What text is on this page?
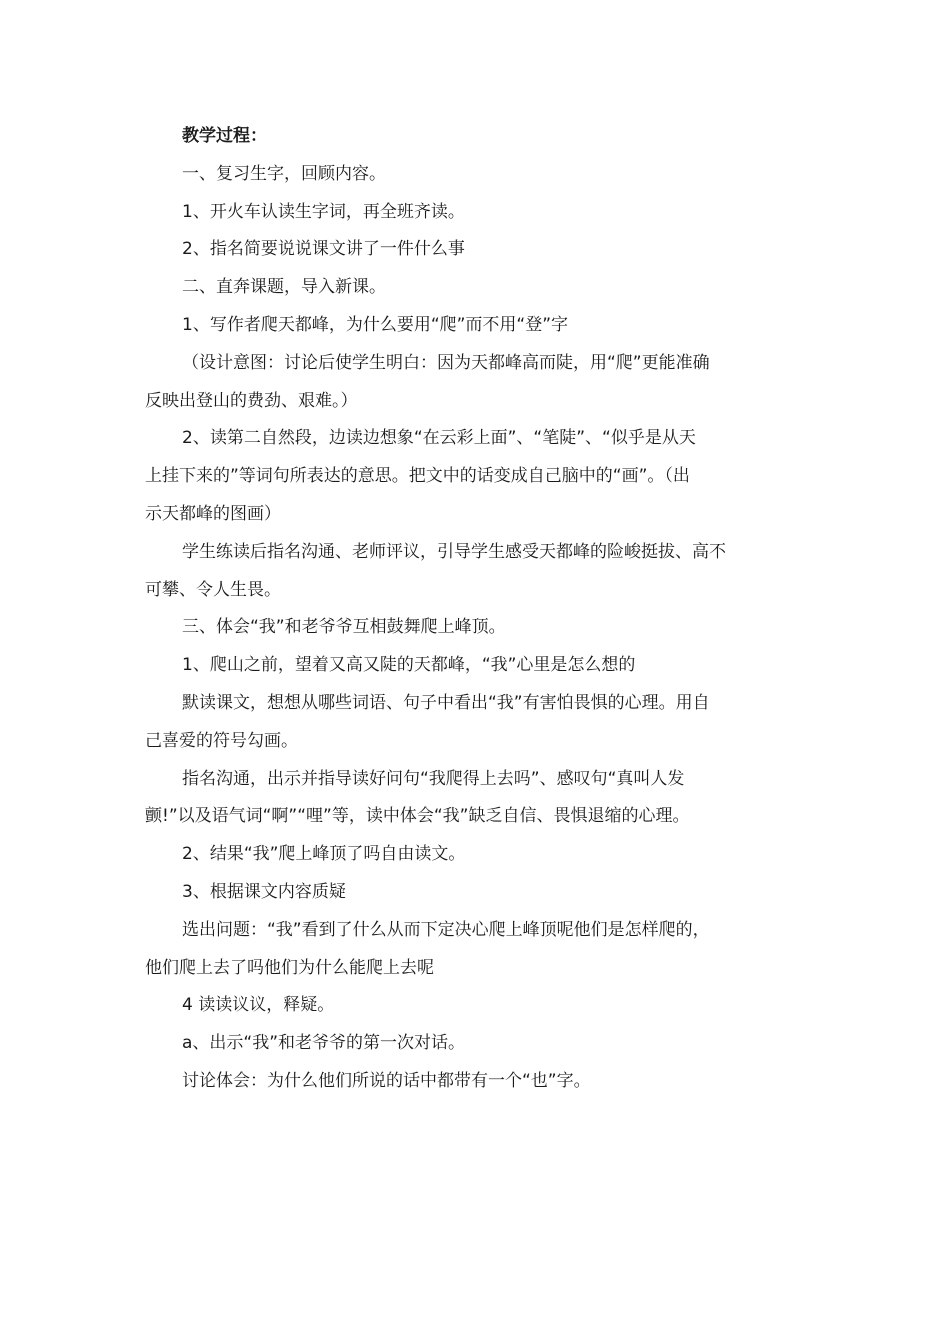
教学过程：
一、复习生字，回顾内容。
1、开火车认读生字词，再全班齐读。
2、指名简要说说课文讲了一件什么事
二、直奔课题，导入新课。
1、写作者爬天都峰，为什么要用“爬”而不用“登”字
（设计意图：讨论后使学生明白：因为天都峰高而陡，用“爬”更能准确
反映出登山的费劲、艰难。）
2、读第二自然段，边读边想象“在云彩上面”、“笔陡”、“似乎是从天
上挂下来的”等词句所表达的意思。把文中的话变成自己脑中的“画”。（出
示天都峰的图画）
学生练读后指名沟通、老师评议，引导学生感受天都峰的险峻挺拔、高不
可攀、令人生畏。
三、体会“我”和老爷爷互相鼓舞爬上峰顶。
1、爬山之前，望着又高又陡的天都峰，“我”心里是怎么想的
默读课文，想想从哪些词语、句子中看出“我”有害怕畏惧的心理。用自
己喜爱的符号勾画。
指名沟通，出示并指导读好问句“我爬得上去吗”、感叹句“真叫人发
颤!”以及语气词“啊”“哩”等，读中体会“我”缺乏自信、畏惧退缩的心理。
2、结果“我”爬上峰顶了吗自由读文。
3、根据课文内容质疑
选出问题：“我”看到了什么从而下定决心爬上峰顶呢他们是怎样爬的，
他们爬上去了吗他们为什么能爬上去呢
4 读读议议，释疑。
a、出示“我”和老爷爷的第一次对话。
讨论体会：为什么他们所说的话中都带有一个“也”字。
